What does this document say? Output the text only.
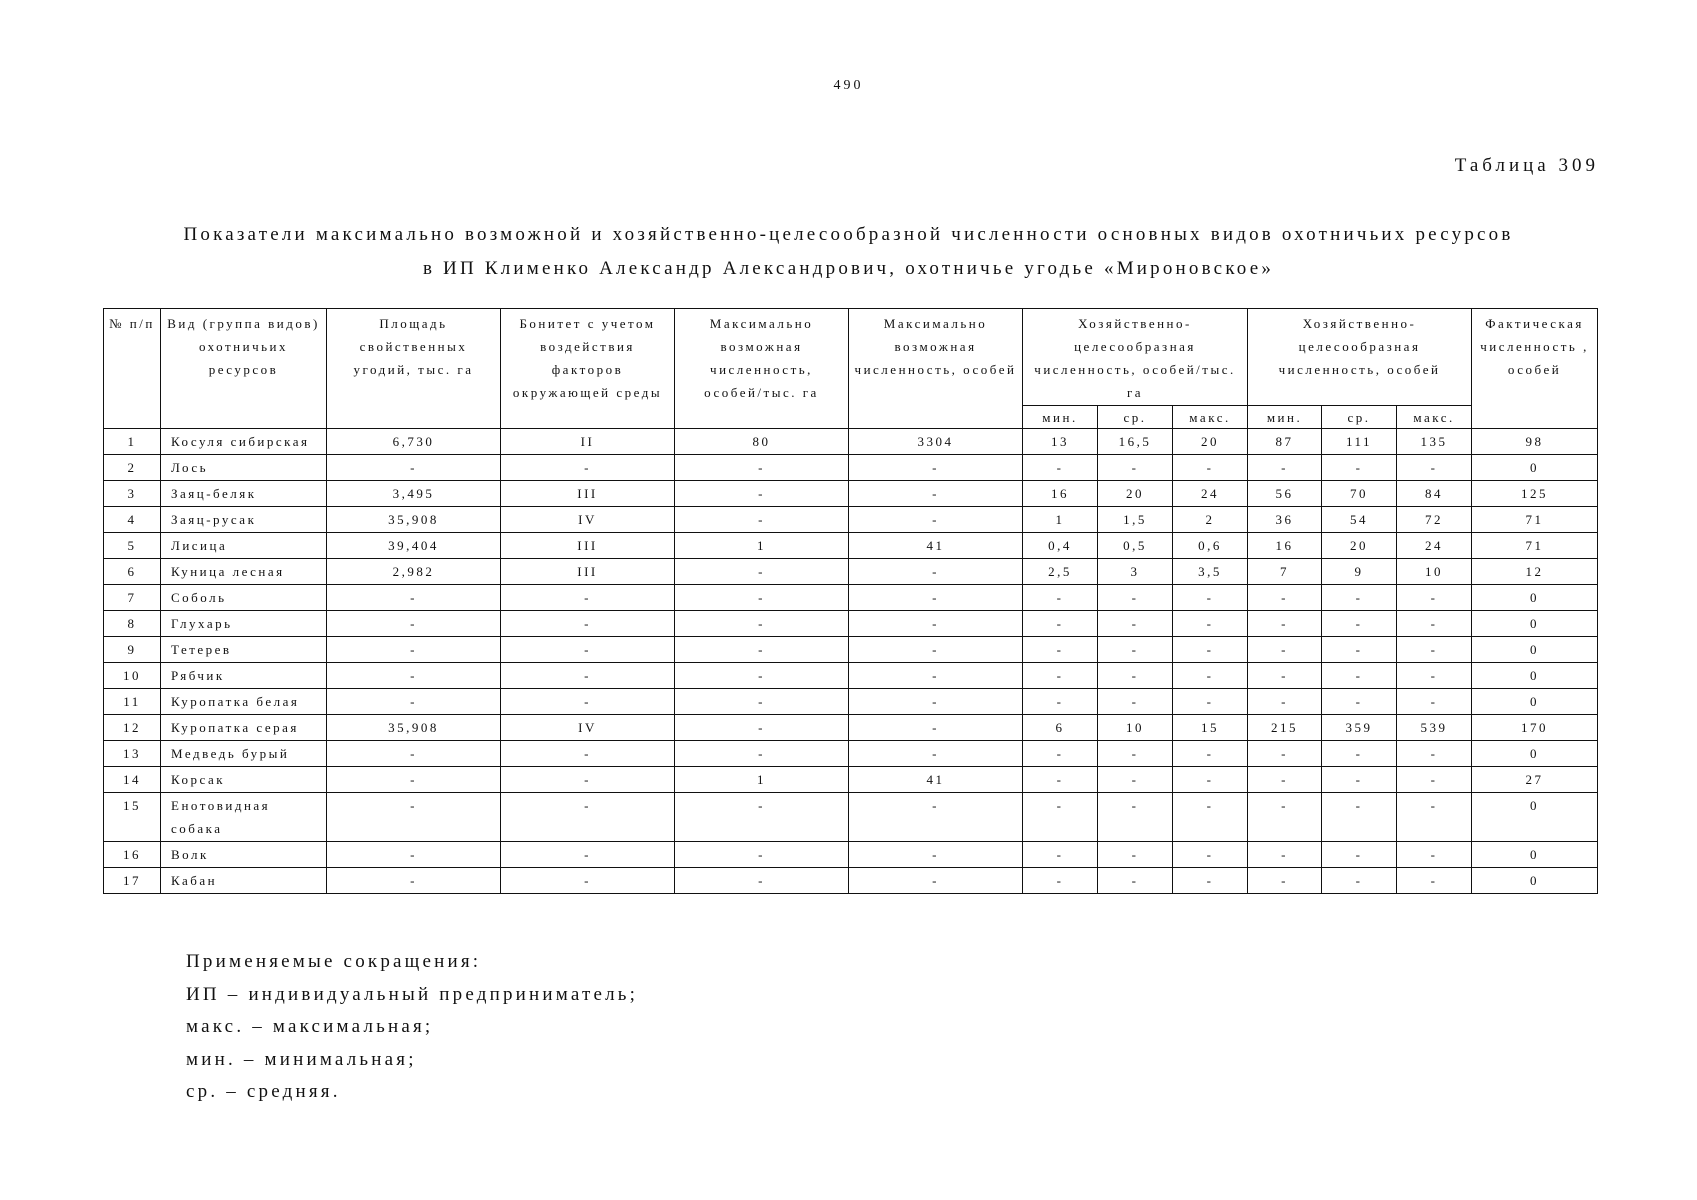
490
Таблица 309
Показатели максимально возможной и хозяйственно-целесообразной численности основных видов охотничьих ресурсов
в ИП Клименко Александр Александрович, охотничье угодье «Мироновское»
№ п/п	Вид (группа видов) охотничьих ресурсов	Площадь свойственных угодий, тыс. га	Бонитет с учетом воздействия факторов окружающей среды	Максимально возможная численность, особей/тыс. га	Максимально возможная численность, особей	Хозяйственно-целесообразная численность, особей/тыс. га			Хозяйственно-целесообразная численность, особей			Фактическая численность , особей
						мин.	ср.	макс.	мин.	ср.	макс.	
1	Косуля сибирская	6,730	II	80	3304	13	16,5	20	87	111	135	98
2	Лось	-	-	-	-	-	-	-	-	-	-	0
3	Заяц-беляк	3,495	III	-	-	16	20	24	56	70	84	125
4	Заяц-русак	35,908	IV	-	-	1	1,5	2	36	54	72	71
5	Лисица	39,404	III	1	41	0,4	0,5	0,6	16	20	24	71
6	Куница лесная	2,982	III	-	-	2,5	3	3,5	7	9	10	12
7	Соболь	-	-	-	-	-	-	-	-	-	-	0
8	Глухарь	-	-	-	-	-	-	-	-	-	-	0
9	Тетерев	-	-	-	-	-	-	-	-	-	-	0
10	Рябчик	-	-	-	-	-	-	-	-	-	-	0
11	Куропатка белая	-	-	-	-	-	-	-	-	-	-	0
12	Куропатка серая	35,908	IV	-	-	6	10	15	215	359	539	170
13	Медведь бурый	-	-	-	-	-	-	-	-	-	-	0
14	Корсак	-	-	1	41	-	-	-	-	-	-	27
15	Енотовидная собака	-	-	-	-	-	-	-	-	-	-	0
16	Волк	-	-	-	-	-	-	-	-	-	-	0
17	Кабан	-	-	-	-	-	-	-	-	-	-	0
Применяемые сокращения:
ИП – индивидуальный предприниматель;
макс. – максимальная;
мин. – минимальная;
ср. – средняя.
